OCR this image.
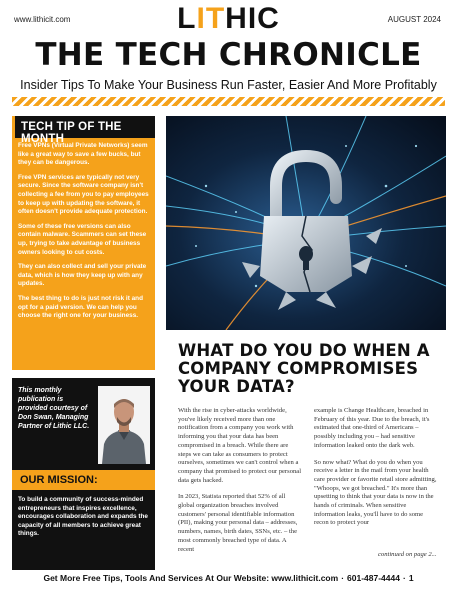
www.lithicit.com	LITHIC	AUGUST 2024
THE TECH CHRONICLE
Insider Tips To Make Your Business Run Faster, Easier And More Profitably
TECH TIP OF THE MONTH

Free VPNs (Virtual Private Networks) seem like a great way to save a few bucks, but they can be dangerous.

Free VPN services are typically not very secure. Since the software company isn't collecting a fee from you to pay employees to keep up with updating the software, it often doesn't provide adequate protection.

Some of these free versions can also contain malware. Scammers can set these up, trying to take advantage of business owners looking to cut costs.

They can also collect and sell your private data, which is how they keep up with any updates.

The best thing to do is just not risk it and opt for a paid version. We can help you choose the right one for your business.

This monthly publication is provided courtesy of Don Swan, Managing Partner of Lithic LLC.
OUR MISSION:
To build a community of success-minded entrepreneurs that inspires excellence, encourages collaboration and expands the capacity of all members to achieve great things.
WHAT DO YOU DO WHEN A COMPANY COMPROMISES YOUR DATA?

With the rise in cyber-attacks worldwide, you've likely received more than one notification from a company you work with informing you that your data has been compromised in a breach. While there are steps we can take as consumers to protect ourselves, sometimes we can't control when a company that promised to protect our personal data gets hacked.

In 2023, Statista reported that 52% of all global organization breaches involved customers' personal identifiable information (PII), making your personal data – addresses, numbers, names, birth dates, SSNs, etc. – the most commonly breached type of data. A recent

example is Change Healthcare, breached in February of this year. Due to the breach, it's estimated that one-third of Americans – possibly including you – had sensitive information leaked onto the dark web.

So now what? What do you do when you receive a letter in the mail from your health care provider or favorite retail store admitting, "Whoops, we got breached." It's more than upsetting to think that your data is now in the hands of criminals. When sensitive information leaks, you'll have to do some recon to protect your

continued on page 2...
Get More Free Tips, Tools And Services At Our Website: www.lithicit.com · 601-487-4444 · 1
